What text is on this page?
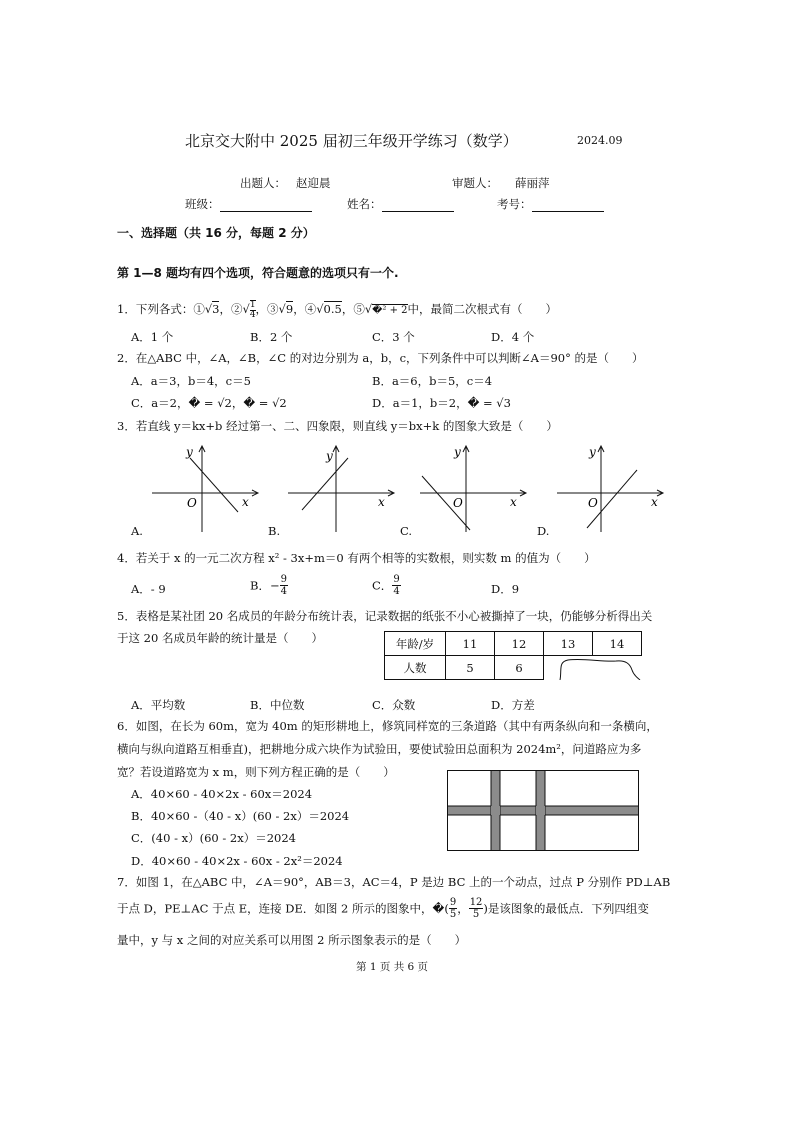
北京交大附中 2025 届初三年级开学练习（数学）	2024.09
出题人： 赵迎晨	审题人： 薛丽萍
班级：	姓名：	考号：
一、选择题（共 16 分，每题 2 分）
第 1—8 题均有四个选项，符合题意的选项只有一个.
1．下列各式：①√3，②√ $\frac{1}{4}$ ，③√9，④√0.5，⑤√�² + 2中，最简二次根式有（　　）
A．1 个	B．2 个	C．3 个	D．4 个
2．在△ABC 中，∠A，∠B，∠C 的对边分别为 a，b，c，下列条件中可以判断∠A＝90° 的是（　　）
A．a＝3，b＝4，c＝5	B．a＝6，b＝5，c＝4
C．a＝2，� = √2，� = √2	D．a＝1，b＝2，� = √3
3．若直线 y＝kx+b 经过第一、二、四象限，则直线 y＝bx+k 的图象大致是（　　）
y
x
O
A.
y
x
B.
y
x
O
C.
y
x
O
D.
4．若关于 x 的一元二次方程 x² - 3x+m＝0 有两个相等的实数根，则实数 m 的值为（　　）
A．- 9	B．− $\frac{9}{4}$	C． $\frac{9}{4}$	D．9
5．表格是某社团 20 名成员的年龄分布统计表，记录数据的纸张不小心被撕掉了一块，仍能够分析得出关
于这 20 名成员年龄的统计量是（　　）	年龄/岁	11	12	13	14
人数	5	6	
A．平均数	B．中位数	C．众数	D．方差
6．如图，在长为 60m，宽为 40m 的矩形耕地上，修筑同样宽的三条道路（其中有两条纵向和一条横向，
横向与纵向道路互相垂直)，把耕地分成六块作为试验田，要使试验田总面积为 2024m²，问道路应为多
宽？若设道路宽为 x m，则下列方程正确的是（　　）
A．40×60 - 40×2x - 60x＝2024
B．40×60 -（40 - x）(60 - 2x）＝2024
C．(40 - x）(60 - 2x）＝2024
D．40×60 - 40×2x - 60x - 2x²＝2024
7．如图 1，在△ABC 中，∠A＝90°，AB＝3，AC＝4，P 是边 BC 上的一个动点，过点 P 分别作 PD⊥AB
于点 D，PE⊥AC 于点 E，连接 DE．如图 2 所示的图象中，�( $\frac{9}{5}$ ， $\frac{12}{5}$ )是该图象的最低点．下列四组变
量中，y 与 x 之间的对应关系可以用图 2 所示图象表示的是（　　）
第 1 页 共 6 页
